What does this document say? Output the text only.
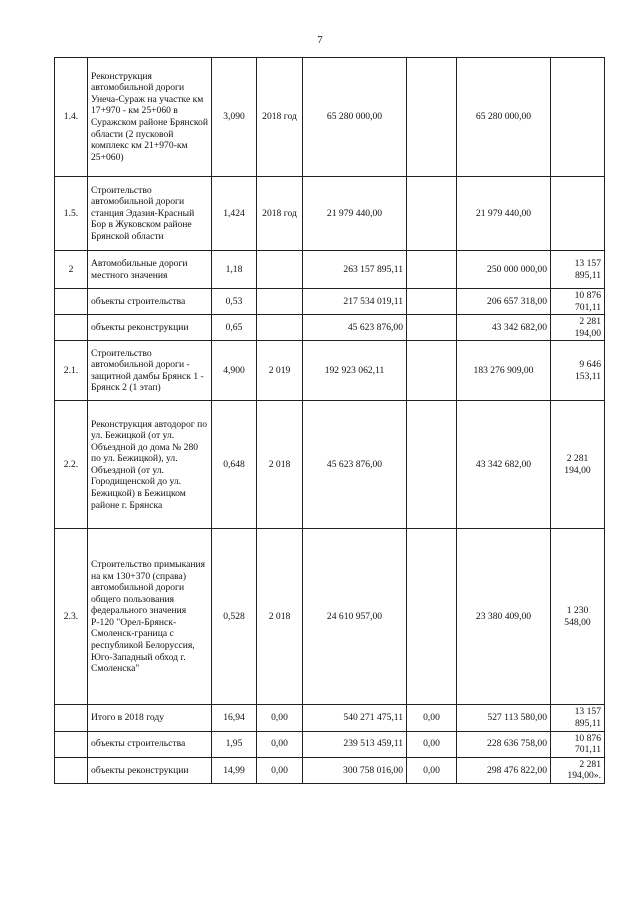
7
1.4.	Реконструкция автомобильной дороги Унеча-Сураж на участке км 17+970 - км 25+060 в Суражском районе Брянской области (2 пусковой комплекс км 21+970-км 25+060)	3,090	2018 год	65 280 000,00		65 280 000,00	
1.5.	Строительство автомобильной дороги станция Эдазия-Красный Бор в Жуковском районе Брянской области	1,424	2018 год	21 979 440,00		21 979 440,00	
2	Автомобильные дороги местного значения	1,18		263 157 895,11		250 000 000,00	13 157 895,11
	объекты строительства	0,53		217 534 019,11		206 657 318,00	10 876 701,11
	объекты реконструкции	0,65		45 623 876,00		43 342 682,00	2 281 194,00
2.1.	Строительство автомобильной дороги - защитной дамбы Брянск 1 - Брянск 2 (1 этап)	4,900	2 019	192 923 062,11		183 276 909,00	9 646 153,11
2.2.	Реконструкция автодорог по ул. Бежицкой (от ул. Объездной до дома № 280 по ул. Бежицкой), ул. Объездной (от ул. Городищенской до ул. Бежицкой) в Бежицком районе г. Брянска	0,648	2 018	45 623 876,00		43 342 682,00	2 281 194,00
2.3.	Строительство примыкания на км 130+370 (справа) автомобильной дороги общего пользования федерального значения Р-120 "Орел-Брянск-Смоленск-граница с республикой Белоруссия, Юго-Западный обход г. Смоленска"	0,528	2 018	24 610 957,00		23 380 409,00	1 230 548,00
	Итого в 2018 году	16,94	0,00	540 271 475,11	0,00	527 113 580,00	13 157 895,11
	объекты строительства	1,95	0,00	239 513 459,11	0,00	228 636 758,00	10 876 701,11
	объекты реконструкции	14,99	0,00	300 758 016,00	0,00	298 476 822,00	2 281 194,00».
